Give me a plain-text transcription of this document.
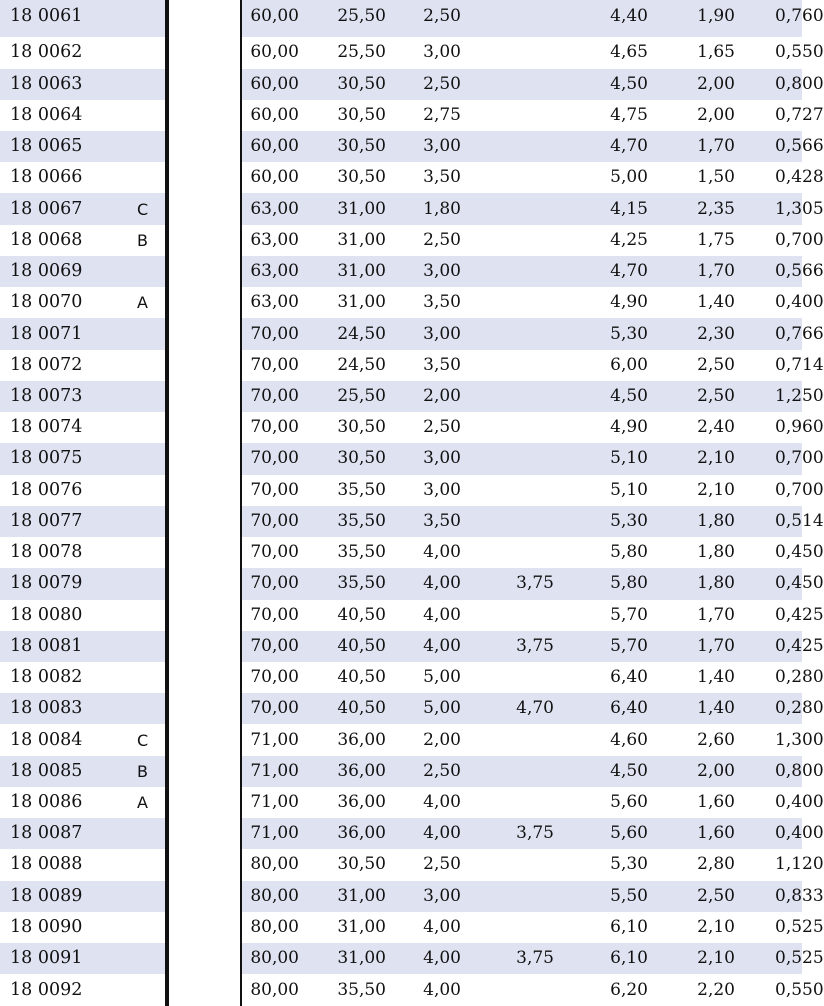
18 0061				60,00	25,50	2,50		4,40	1,90	0,760
18 0062				60,00	25,50	3,00		4,65	1,65	0,550
18 0063				60,00	30,50	2,50		4,50	2,00	0,800
18 0064				60,00	30,50	2,75		4,75	2,00	0,727
18 0065				60,00	30,50	3,00		4,70	1,70	0,566
18 0066				60,00	30,50	3,50		5,00	1,50	0,428
18 0067	C			63,00	31,00	1,80		4,15	2,35	1,305
18 0068	B			63,00	31,00	2,50		4,25	1,75	0,700
18 0069				63,00	31,00	3,00		4,70	1,70	0,566
18 0070	A			63,00	31,00	3,50		4,90	1,40	0,400
18 0071				70,00	24,50	3,00		5,30	2,30	0,766
18 0072				70,00	24,50	3,50		6,00	2,50	0,714
18 0073				70,00	25,50	2,00		4,50	2,50	1,250
18 0074				70,00	30,50	2,50		4,90	2,40	0,960
18 0075				70,00	30,50	3,00		5,10	2,10	0,700
18 0076				70,00	35,50	3,00		5,10	2,10	0,700
18 0077				70,00	35,50	3,50		5,30	1,80	0,514
18 0078				70,00	35,50	4,00		5,80	1,80	0,450
18 0079				70,00	35,50	4,00	3,75	5,80	1,80	0,450
18 0080				70,00	40,50	4,00		5,70	1,70	0,425
18 0081				70,00	40,50	4,00	3,75	5,70	1,70	0,425
18 0082				70,00	40,50	5,00		6,40	1,40	0,280
18 0083				70,00	40,50	5,00	4,70	6,40	1,40	0,280
18 0084	C			71,00	36,00	2,00		4,60	2,60	1,300
18 0085	B			71,00	36,00	2,50		4,50	2,00	0,800
18 0086	A			71,00	36,00	4,00		5,60	1,60	0,400
18 0087				71,00	36,00	4,00	3,75	5,60	1,60	0,400
18 0088				80,00	30,50	2,50		5,30	2,80	1,120
18 0089				80,00	31,00	3,00		5,50	2,50	0,833
18 0090				80,00	31,00	4,00		6,10	2,10	0,525
18 0091				80,00	31,00	4,00	3,75	6,10	2,10	0,525
18 0092				80,00	35,50	4,00		6,20	2,20	0,550
